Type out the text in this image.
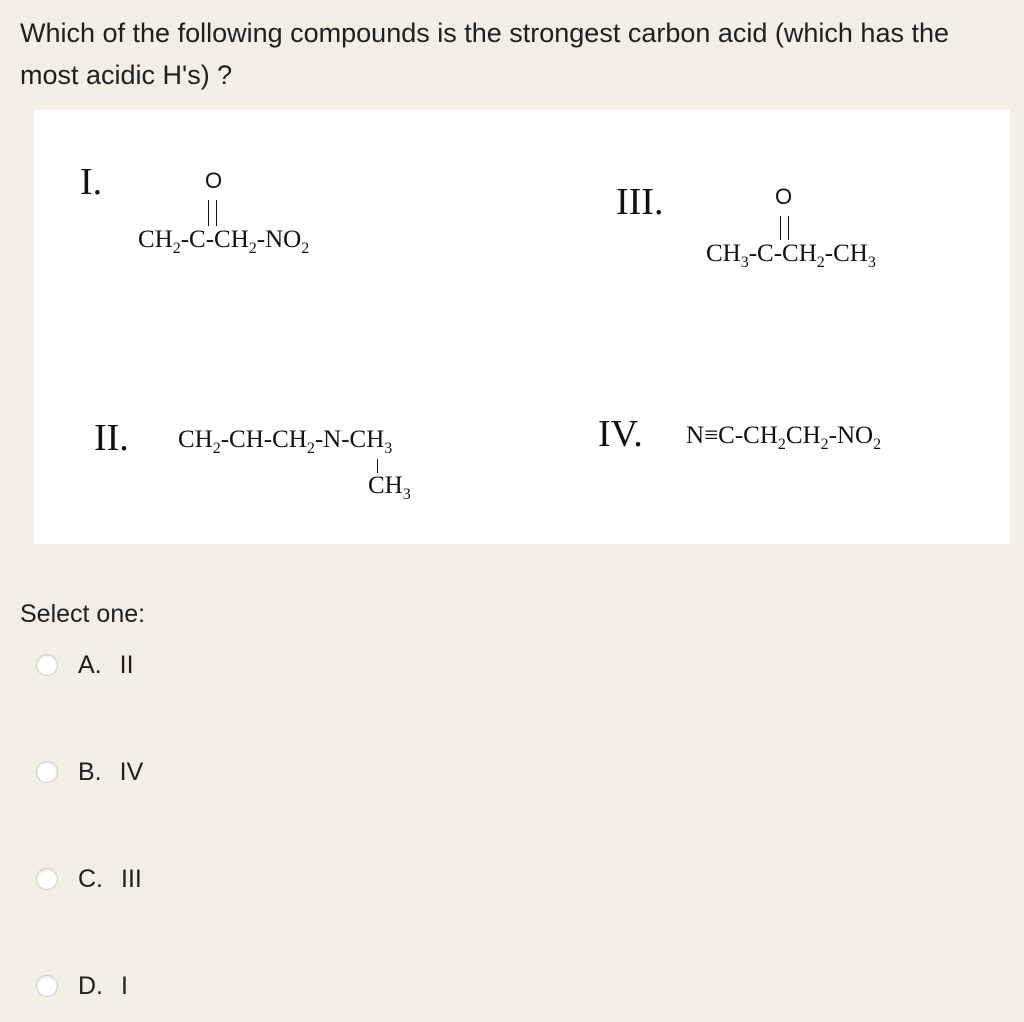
Which of the following compounds is the strongest carbon acid (which has the most acidic H's) ?
I.	O
$CH_2-C-CH_2-NO_2$
III.	O
$CH_3-C-CH_2-CH_3$
II. $CH_2-CH-CH_2-N-CH_3$
$CH_3$
IV. $N\equiv C-CH_2CH_2-NO_2$
Select one:
A. II
B. IV
C. III
D. I
